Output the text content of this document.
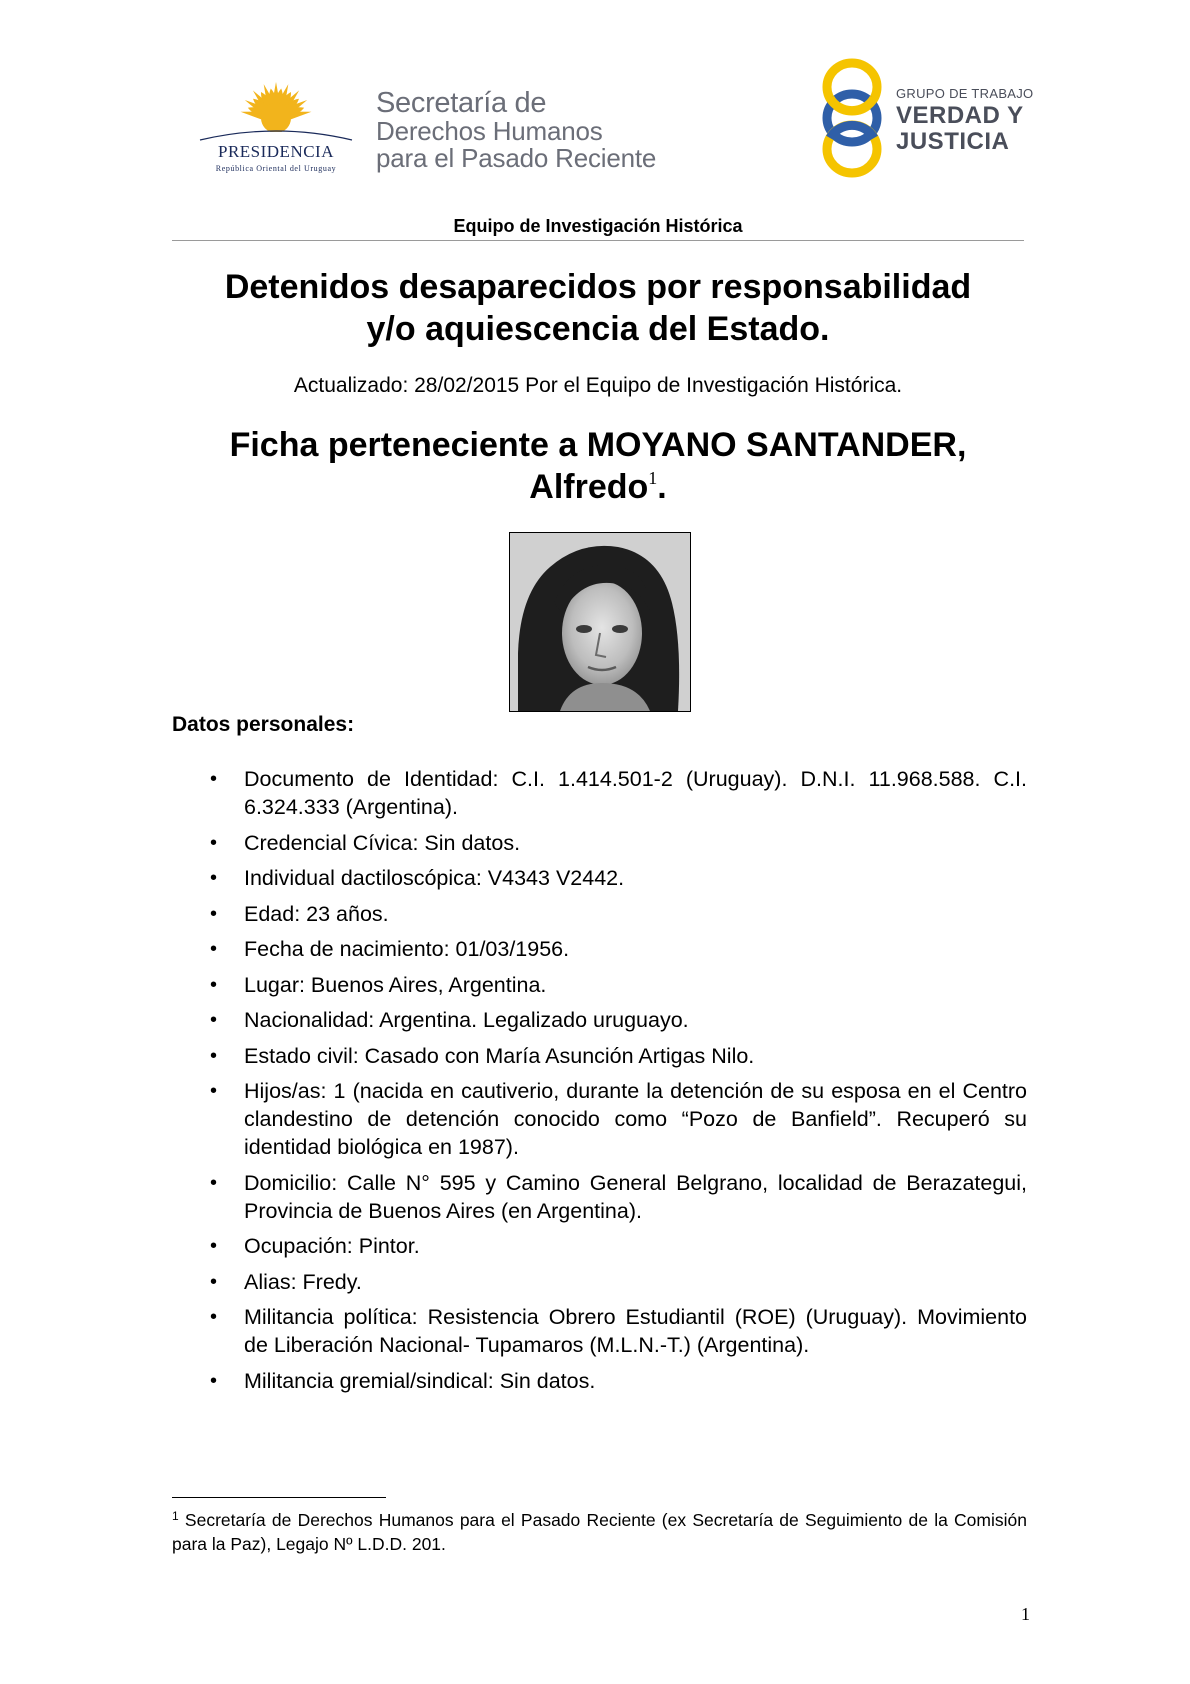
PRESIDENCIA
República Oriental del Uruguay
Secretaría de
Derechos Humanos
para el Pasado Reciente
GRUPO DE TRABAJO
VERDAD Y
JUSTICIA
Equipo de Investigación Histórica
Detenidos desaparecidos por responsabilidad
y/o aquiescencia del Estado.
Actualizado: 28/02/2015 Por el Equipo de Investigación Histórica.
Ficha perteneciente a MOYANO SANTANDER,
Alfredo$^1$.
Datos personales:
• Documento de Identidad: C.I. 1.414.501-2 (Uruguay). D.N.I. 11.968.588. C.I. 6.324.333 (Argentina).
• Credencial Cívica: Sin datos.
• Individual dactiloscópica: V4343 V2442.
• Edad: 23 años.
• Fecha de nacimiento: 01/03/1956.
• Lugar: Buenos Aires, Argentina.
• Nacionalidad: Argentina. Legalizado uruguayo.
• Estado civil: Casado con María Asunción Artigas Nilo.
• Hijos/as: 1 (nacida en cautiverio, durante la detención de su esposa en el Centro clandestino de detención conocido como “Pozo de Banfield”. Recuperó su identidad biológica en 1987).
• Domicilio: Calle N° 595 y Camino General Belgrano, localidad de Berazategui, Provincia de Buenos Aires (en Argentina).
• Ocupación: Pintor.
• Alias: Fredy.
• Militancia política: Resistencia Obrero Estudiantil (ROE) (Uruguay). Movimiento de Liberación Nacional- Tupamaros (M.L.N.-T.) (Argentina).
• Militancia gremial/sindical: Sin datos.
$^1$ Secretaría de Derechos Humanos para el Pasado Reciente (ex Secretaría de Seguimiento de la Comisión para la Paz), Legajo Nº L.D.D. 201.
1
